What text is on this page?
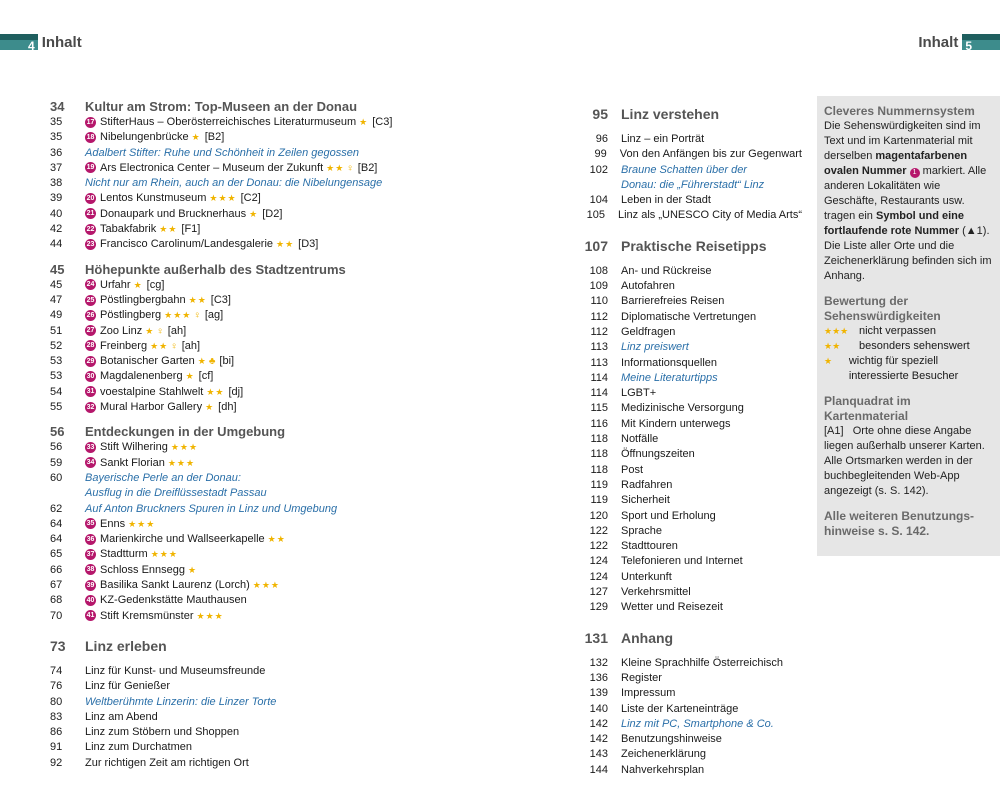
4 Inhalt	Inhalt 5
34	Kultur am Strom: Top-Museen an der Donau
35	17 StifterHaus – Oberösterreichisches Literaturmuseum ★ [C3]
35	18 Nibelungenbrücke ★ [B2]
36	Adalbert Stifter: Ruhe und Schönheit in Zeilen gegossen
37	19 Ars Electronica Center – Museum der Zukunft ★★ ♀ [B2]
38	Nicht nur am Rhein, auch an der Donau: die Nibelungensage
39	20 Lentos Kunstmuseum ★★★ [C2]
40	21 Donaupark und Brucknerhaus ★ [D2]
42	22 Tabakfabrik ★★ [F1]
44	23 Francisco Carolinum/Landesgalerie ★★ [D3]
45	Höhepunkte außerhalb des Stadtzentrums
45	24 Urfahr ★ [cg]
47	25 Pöstlingbergbahn ★★ [C3]
49	26 Pöstlingberg ★★★ ♀ [ag]
51	27 Zoo Linz ★ ♀ [ah]
52	28 Freinberg ★★ ♀ [ah]
53	29 Botanischer Garten ★ ♣ [bi]
53	30 Magdalenenberg ★ [cf]
54	31 voestalpine Stahlwelt ★★ [dj]
55	32 Mural Harbor Gallery ★ [dh]
56	Entdeckungen in der Umgebung
56	33 Stift Wilhering ★★★
59	34 Sankt Florian ★★★
60	Bayerische Perle an der Donau:
Ausflug in die Dreiflüssestadt Passau
62	Auf Anton Bruckners Spuren in Linz und Umgebung
64	35 Enns ★★★
64	36 Marienkirche und Wallseerkapelle ★★
65	37 Stadtturm ★★★
66	38 Schloss Ennsegg ★
67	39 Basilika Sankt Laurenz (Lorch) ★★★
68	40 KZ-Gedenkstätte Mauthausen
70	41 Stift Kremsmünster ★★★
73	Linz erleben
74	Linz für Kunst- und Museumsfreunde
76	Linz für Genießer
80	Weltberühmte Linzerin: die Linzer Torte
83	Linz am Abend
86	Linz zum Stöbern und Shoppen
91	Linz zum Durchatmen
92	Zur richtigen Zeit am richtigen Ort
95 Linz verstehen
96 Linz – ein Porträt
99 Von den Anfängen bis zur Gegenwart
102 Braune Schatten über der
Donau: die „Führerstadt“ Linz
104 Leben in der Stadt
105 Linz als „UNESCO City of Media Arts“
107 Praktische Reisetipps
108 An- und Rückreise
109 Autofahren
110 Barrierefreies Reisen
112 Diplomatische Vertretungen
112 Geldfragen
113 Linz preiswert
113 Informationsquellen
114 Meine Literaturtipps
114 LGBT+
115 Medizinische Versorgung
116 Mit Kindern unterwegs
118 Notfälle
118 Öffnungszeiten
118 Post
119 Radfahren
119 Sicherheit
120 Sport und Erholung
122 Sprache
122 Stadttouren
124 Telefonieren und Internet
124 Unterkunft
127 Verkehrsmittel
129 Wetter und Reisezeit
131 Anhang
132 Kleine Sprachhilfe Österreichisch
136 Register
139 Impressum
140 Liste der Karteneinträge
142 Linz mit PC, Smartphone & Co.
142 Benutzungshinweise
143 Zeichenerklärung
144 Nahverkehrsplan
Cleveres Nummernsystem

Die Sehenswürdigkeiten sind im Text und im Kartenmaterial mit derselben magentafarbenen ovalen Nummer 1 markiert. Alle anderen Lokalitäten wie Geschäfte, Restaurants usw. tragen ein Symbol und eine fortlaufende rote Nummer (▲1). Die Liste aller Orte und die Zeichenerklärung befinden sich im Anhang.

Bewertung der Sehenswürdigkeiten
★★★ nicht verpassen
★★	besonders sehenswert
★	wichtig für speziell interessierte Besucher
Planquadrat im Kartenmaterial

[A1] Orte ohne diese Angabe liegen außerhalb unserer Karten. Alle Ortsmarken werden in der buchbegleitenden Web-App angezeigt (s. S. 142).

Alle weiteren Benutzungshinweise s. S. 142.
